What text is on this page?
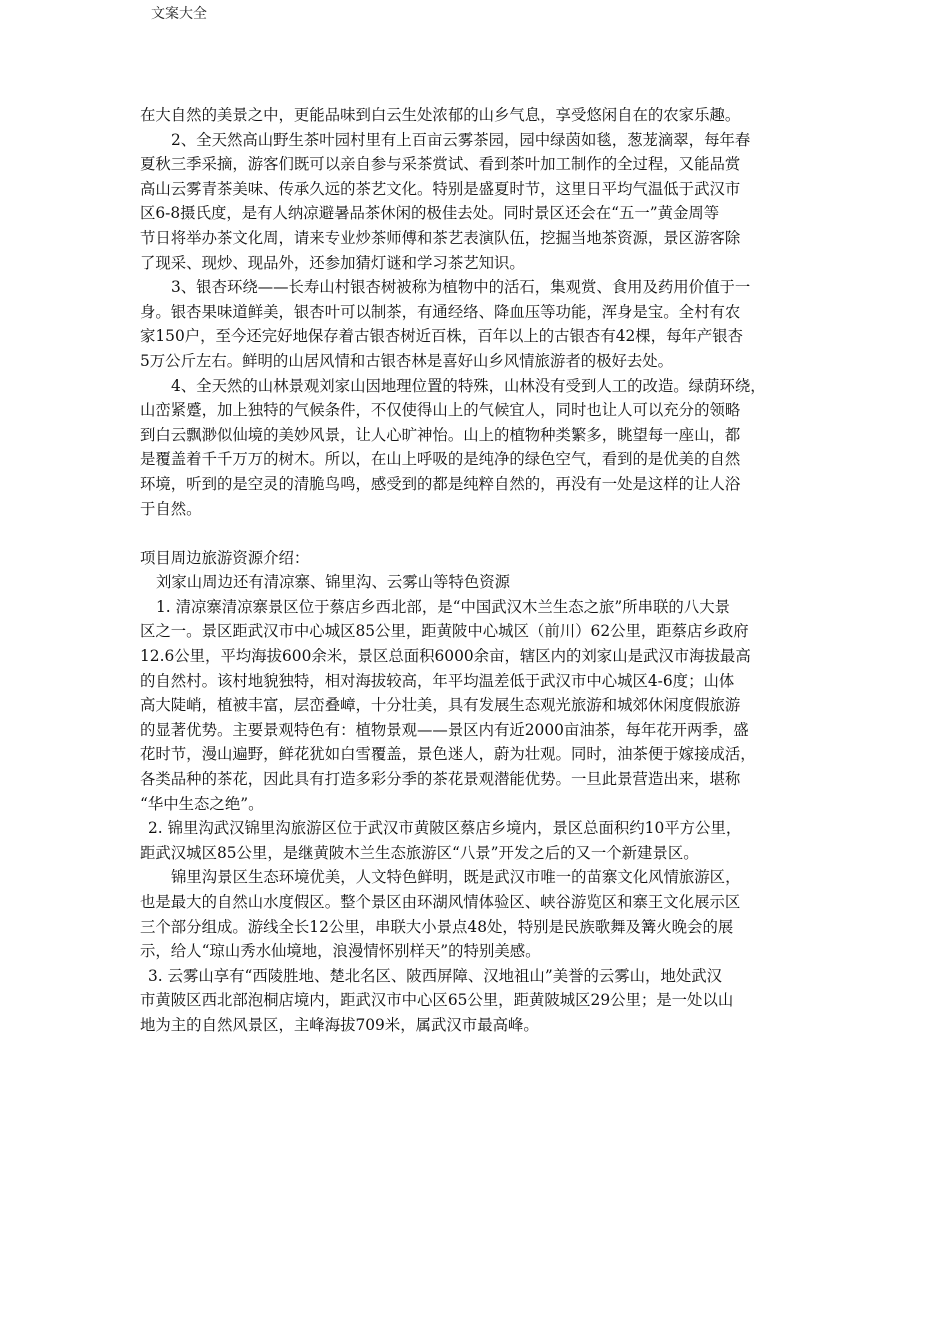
文案大全
在大自然的美景之中，更能品味到白云生处浓郁的山乡气息，享受悠闲自在的农家乐趣。
2、全天然高山野生茶叶园村里有上百亩云雾茶园，园中绿茵如毯，葱茏滴翠，每年春
夏秋三季采摘，游客们既可以亲自参与采茶赏试、看到茶叶加工制作的全过程，又能品赏
高山云雾青茶美味、传承久远的茶艺文化。特别是盛夏时节，这里日平均气温低于武汉市
区6-8摄氏度，是有人纳凉避暑品茶休闲的极佳去处。同时景区还会在“五一”黄金周等
节日将举办茶文化周，请来专业炒茶师傅和茶艺表演队伍，挖掘当地茶资源，景区游客除
了现采、现炒、现品外，还参加猜灯谜和学习茶艺知识。
3、银杏环绕——长寿山村银杏树被称为植物中的活石，集观赏、食用及药用价值于一
身。银杏果味道鲜美，银杏叶可以制茶，有通经络、降血压等功能，浑身是宝。全村有农
家150户，至今还完好地保存着古银杏树近百株，百年以上的古银杏有42棵，每年产银杏
5万公斤左右。鲜明的山居风情和古银杏林是喜好山乡风情旅游者的极好去处。
4、全天然的山林景观刘家山因地理位置的特殊，山林没有受到人工的改造。绿荫环绕，
山峦紧蹙，加上独特的气候条件，不仅使得山上的气候宜人，同时也让人可以充分的领略
到白云飘渺似仙境的美妙风景，让人心旷神怡。山上的植物种类繁多，眺望每一座山，都
是覆盖着千千万万的树木。所以，在山上呼吸的是纯净的绿色空气，看到的是优美的自然
环境，听到的是空灵的清脆鸟鸣，感受到的都是纯粹自然的，再没有一处是这样的让人浴
于自然。
项目周边旅游资源介绍：
刘家山周边还有清凉寨、锦里沟、云雾山等特色资源
1. 清凉寨清凉寨景区位于蔡店乡西北部，是“中国武汉木兰生态之旅”所串联的八大景
区之一。景区距武汉市中心城区85公里，距黄陂中心城区（前川）62公里，距蔡店乡政府
12.6公里，平均海拔600余米，景区总面积6000余亩，辖区内的刘家山是武汉市海拔最高
的自然村。该村地貌独特，相对海拔较高，年平均温差低于武汉市中心城区4-6度；山体
高大陡峭，植被丰富，层峦叠嶂，十分壮美，具有发展生态观光旅游和城郊休闲度假旅游
的显著优势。主要景观特色有：植物景观——景区内有近2000亩油茶，每年花开两季，盛
花时节，漫山遍野，鲜花犹如白雪覆盖，景色迷人，蔚为壮观。同时，油茶便于嫁接成活，
各类品种的茶花，因此具有打造多彩分季的茶花景观潜能优势。一旦此景营造出来，堪称
“华中生态之绝”。
2. 锦里沟武汉锦里沟旅游区位于武汉市黄陂区蔡店乡境内，景区总面积约10平方公里，
距武汉城区85公里，是继黄陂木兰生态旅游区“八景”开发之后的又一个新建景区。
锦里沟景区生态环境优美，人文特色鲜明，既是武汉市唯一的苗寨文化风情旅游区，
也是最大的自然山水度假区。整个景区由环湖风情体验区、峡谷游览区和寨王文化展示区
三个部分组成。游线全长12公里，串联大小景点48处，特别是民族歌舞及篝火晚会的展
示，给人“琼山秀水仙境地，浪漫情怀别样天”的特别美感。
3. 云雾山享有“西陵胜地、楚北名区、陂西屏障、汉地祖山”美誉的云雾山，地处武汉
市黄陂区西北部泡桐店境内，距武汉市中心区65公里，距黄陂城区29公里；是一处以山
地为主的自然风景区，主峰海拔709米，属武汉市最高峰。
